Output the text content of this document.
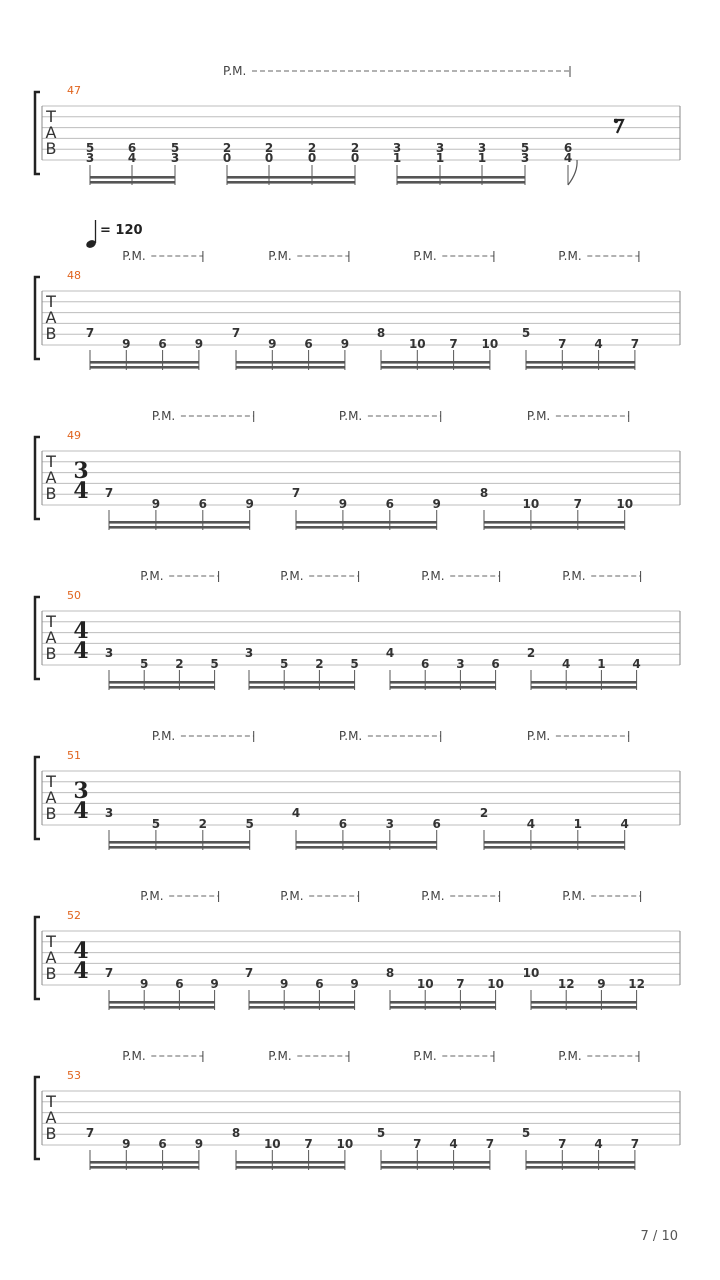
T
A
B
47
P.M.
5
3
6
4
5
3
2
0
2
0
2
0
2
0
3
1
3
1
3
1
5
3
6
4
T
A
B
48
= 120
P.M.	P.M.	P.M.	P.M.
7
9 6 9
7
9 6 9
8
10 7 10
5
7 4 7
T
A
B
49
3
4
P.M.	P.M.	P.M.
7
9	6	9
7
9	6	9
8
10	7	10
T
A
B
50
4
4
P.M.	P.M.	P.M.	P.M.
3
5 2 5
3
5 2 5
4
6 3 6
2
4 1 4
T
A
B
51
3
4
P.M.	P.M.	P.M.
3
5	2	5
4
6	3	6
2
4	1	4
T
A
B
52
4
4
P.M.	P.M.	P.M.	P.M.
7
9 6 9
7
9 6 9
8
10 7 10
10
12 9 12
T
A
B
53
P.M.	P.M.	P.M.	P.M.
7
9 6 9
8
10 7 10
5
7 4 7
5
7 4 7
7 / 10
